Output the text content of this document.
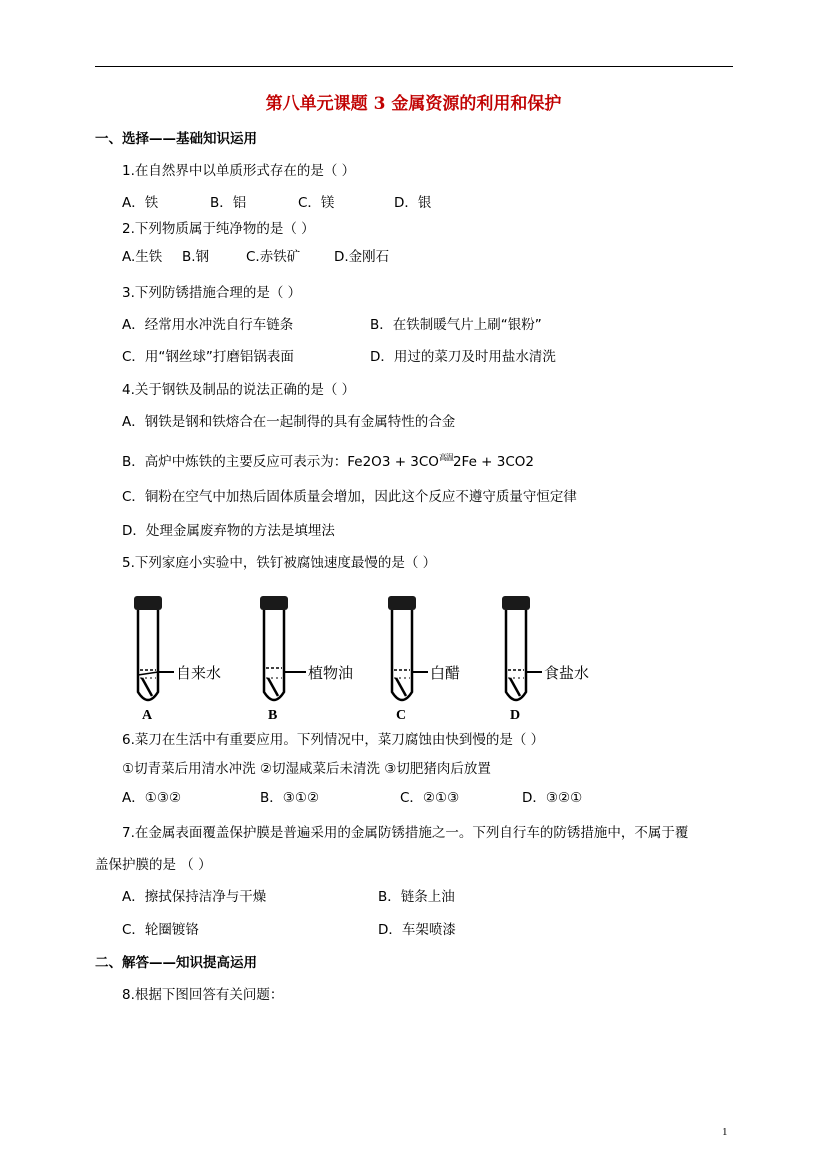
第八单元课题 3 金属资源的利用和保护
一、选择——基础知识运用
1.在自然界中以单质形式存在的是（ ）
A．铁	B．铝	C．镁	D．银
2.下列物质属于纯净物的是（ ）
A.生铁 B.钢	C.赤铁矿	D.金刚石
3.下列防锈措施合理的是（ ）
A．经常用水冲洗自行车链条	B．在铁制暖气片上刷“银粉”
C．用“钢丝球”打磨铝锅表面	D．用过的菜刀及时用盐水清洗
4.关于钢铁及制品的说法正确的是（ ）
A．钢铁是钢和铁熔合在一起制得的具有金属特性的合金
B．高炉中炼铁的主要反应可表示为：$Fe2O3 + 3CO^{高温}2Fe + 3CO2$
C．铜粉在空气中加热后固体质量会增加，因此这个反应不遵守质量守恒定律
D．处理金属废弃物的方法是填埋法
5.下列家庭小实验中，铁钉被腐蚀速度最慢的是（ ）
自来水
A
植物油
B
白醋
C
食盐水
D
6.菜刀在生活中有重要应用。下列情况中，菜刀腐蚀由快到慢的是（ ）
①切青菜后用清水冲洗 ②切湿咸菜后未清洗 ③切肥猪肉后放置
A．①③②	B．③①②	C．②①③	D．③②①
7.在金属表面覆盖保护膜是普遍采用的金属防锈措施之一。下列自行车的防锈措施中，不属于覆
盖保护膜的是 （ ）
A．擦拭保持洁净与干燥	B．链条上油
C．轮圈镀铬	D．车架喷漆
二、解答——知识提高运用
8.根据下图回答有关问题：
1
